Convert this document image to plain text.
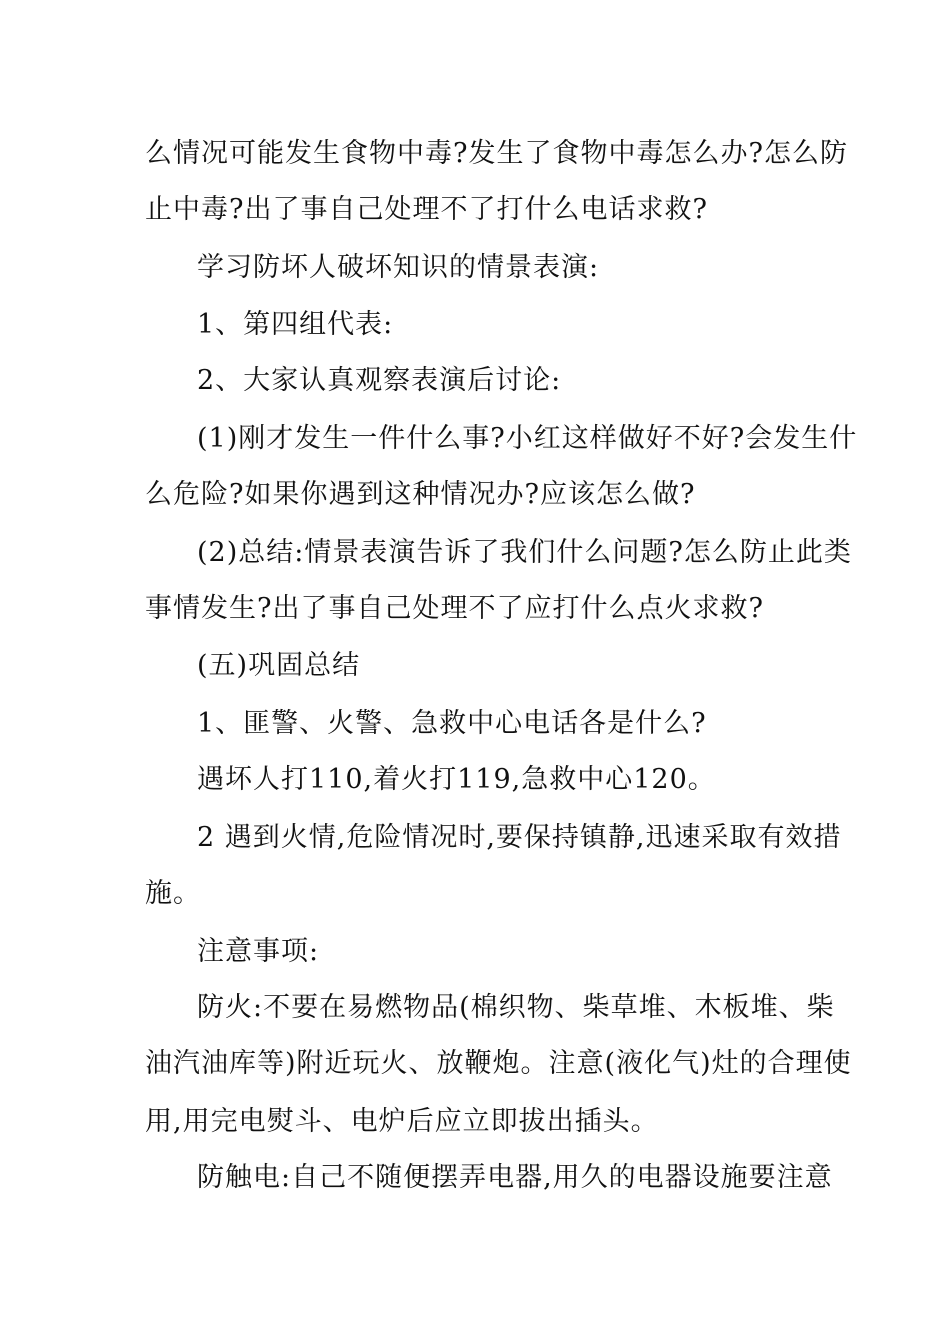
么情况可能发生食物中毒?发生了食物中毒怎么办?怎么防
止中毒?出了事自己处理不了打什么电话求救?
学习防坏人破坏知识的情景表演:
1、第四组代表:
2、大家认真观察表演后讨论:
(1)刚才发生一件什么事?小红这样做好不好?会发生什
么危险?如果你遇到这种情况办?应该怎么做?
(2)总结:情景表演告诉了我们什么问题?怎么防止此类
事情发生?出了事自己处理不了应打什么点火求救?
(五)巩固总结
1、匪警、火警、急救中心电话各是什么?
遇坏人打110,着火打119,急救中心120。
2 遇到火情,危险情况时,要保持镇静,迅速采取有效措
施。
注意事项:
防火:不要在易燃物品(棉织物、柴草堆、木板堆、柴
油汽油库等)附近玩火、放鞭炮。注意(液化气)灶的合理使
用,用完电熨斗、电炉后应立即拔出插头。
防触电:自己不随便摆弄电器,用久的电器设施要注意
